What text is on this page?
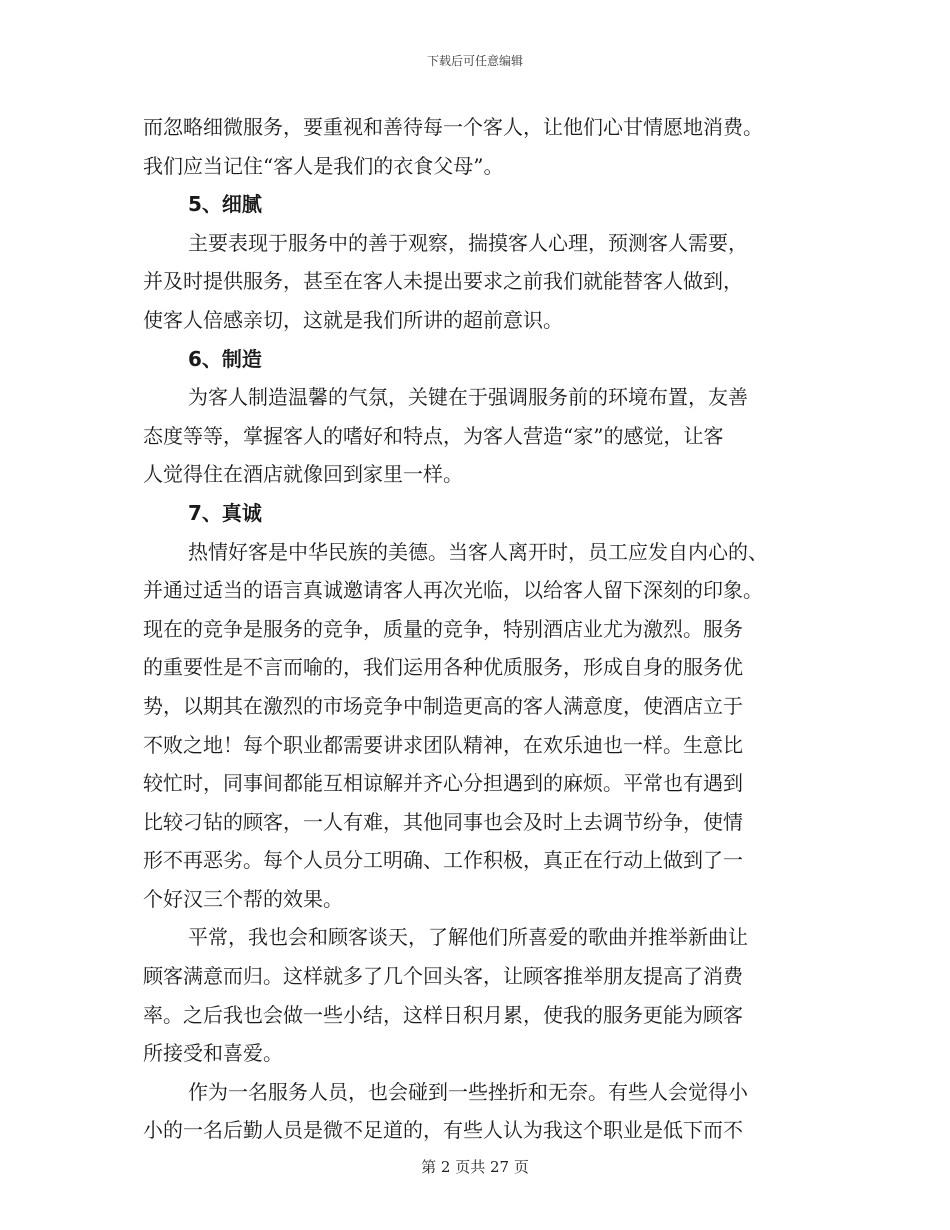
下载后可任意编辑

而忽略细微服务，要重视和善待每一个客人，让他们心甘情愿地消费。

我们应当记住“客人是我们的衣食父母”。

5、细腻

主要表现于服务中的善于观察，揣摸客人心理，预测客人需要，

并及时提供服务，甚至在客人未提出要求之前我们就能替客人做到，

使客人倍感亲切，这就是我们所讲的超前意识。

6、制造

为客人制造温馨的气氛，关键在于强调服务前的环境布置，友善

态度等等，掌握客人的嗜好和特点，为客人营造“家”的感觉，让客

人觉得住在酒店就像回到家里一样。

7、真诚

热情好客是中华民族的美德。当客人离开时，员工应发自内心的、

并通过适当的语言真诚邀请客人再次光临，以给客人留下深刻的印象。

现在的竞争是服务的竞争，质量的竞争，特别酒店业尤为激烈。服务

的重要性是不言而喻的，我们运用各种优质服务，形成自身的服务优

势，以期其在激烈的市场竞争中制造更高的客人满意度，使酒店立于

不败之地！每个职业都需要讲求团队精神，在欢乐迪也一样。生意比

较忙时，同事间都能互相谅解并齐心分担遇到的麻烦。平常也有遇到

比较刁钻的顾客，一人有难，其他同事也会及时上去调节纷争，使情

形不再恶劣。每个人员分工明确、工作积极，真正在行动上做到了一

个好汉三个帮的效果。

平常，我也会和顾客谈天，了解他们所喜爱的歌曲并推举新曲让

顾客满意而归。这样就多了几个回头客，让顾客推举朋友提高了消费

率。之后我也会做一些小结，这样日积月累，使我的服务更能为顾客

所接受和喜爱。

作为一名服务人员，也会碰到一些挫折和无奈。有些人会觉得小

小的一名后勤人员是微不足道的，有些人认为我这个职业是低下而不

第 2 页共 27 页
